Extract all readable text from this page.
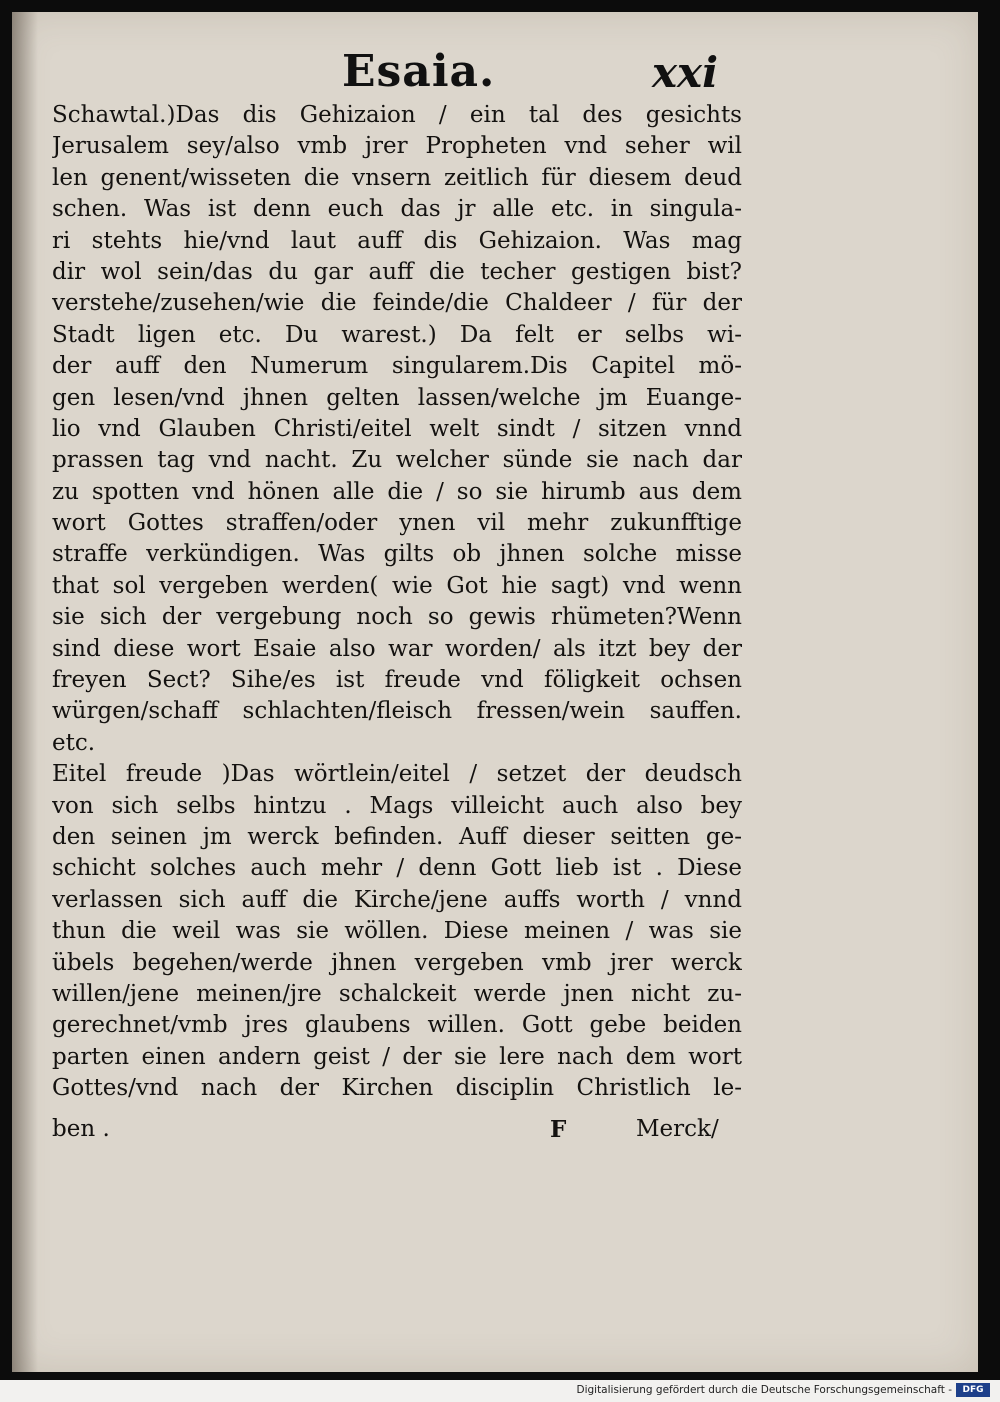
Esaia.	xxi
Schawtal.)Das dis Gehizaion / ein tal des gesichts
Jerusalem sey/also vmb jrer Propheten vnd seher wil
len genent/wisseten die vnsern zeitlich für diesem deud
schen. Was ist denn euch das jr alle etc. in singula-
ri stehts hie/vnd laut auff dis Gehizaion. Was mag
dir wol sein/das du gar auff die techer gestigen bist?
verstehe/zusehen/wie die feinde/die Chaldeer / für der
Stadt ligen etc. Du warest.) Da felt er selbs wi-
der auff den Numerum singularem.Dis Capitel mö-
gen lesen/vnd jhnen gelten lassen/welche jm Euange-
lio vnd Glauben Christi/eitel welt sindt / sitzen vnnd
prassen tag vnd nacht. Zu welcher sünde sie nach dar
zu spotten vnd hönen alle die / so sie hirumb aus dem
wort Gottes straffen/oder ynen vil mehr zukunfftige
straffe verkündigen. Was gilts ob jhnen solche misse
that sol vergeben werden( wie Got hie sagt) vnd wenn
sie sich der vergebung noch so gewis rhümeten?Wenn
sind diese wort Esaie also war worden/ als itzt bey der
freyen Sect? Sihe/es ist freude vnd föligkeit ochsen
würgen/schaff schlachten/fleisch fressen/wein sauffen.
etc.
Eitel freude )Das wörtlein/eitel / setzet der deudsch
von sich selbs hintzu . Mags villeicht auch also bey
den seinen jm werck befinden. Auff dieser seitten ge-
schicht solches auch mehr / denn Gott lieb ist . Diese
verlassen sich auff die Kirche/jene auffs worth / vnnd
thun die weil was sie wöllen. Diese meinen / was sie
übels begehen/werde jhnen vergeben vmb jrer werck
willen/jene meinen/jre schalckeit werde jnen nicht zu-
gerechnet/vmb jres glaubens willen. Gott gebe beiden
parten einen andern geist / der sie lere nach dem wort
Gottes/vnd nach der Kirchen disciplin Christlich le-
ben .	F	Merck/
Digitalisierung gefördert durch die Deutsche Forschungsgemeinschaft -	DFG
